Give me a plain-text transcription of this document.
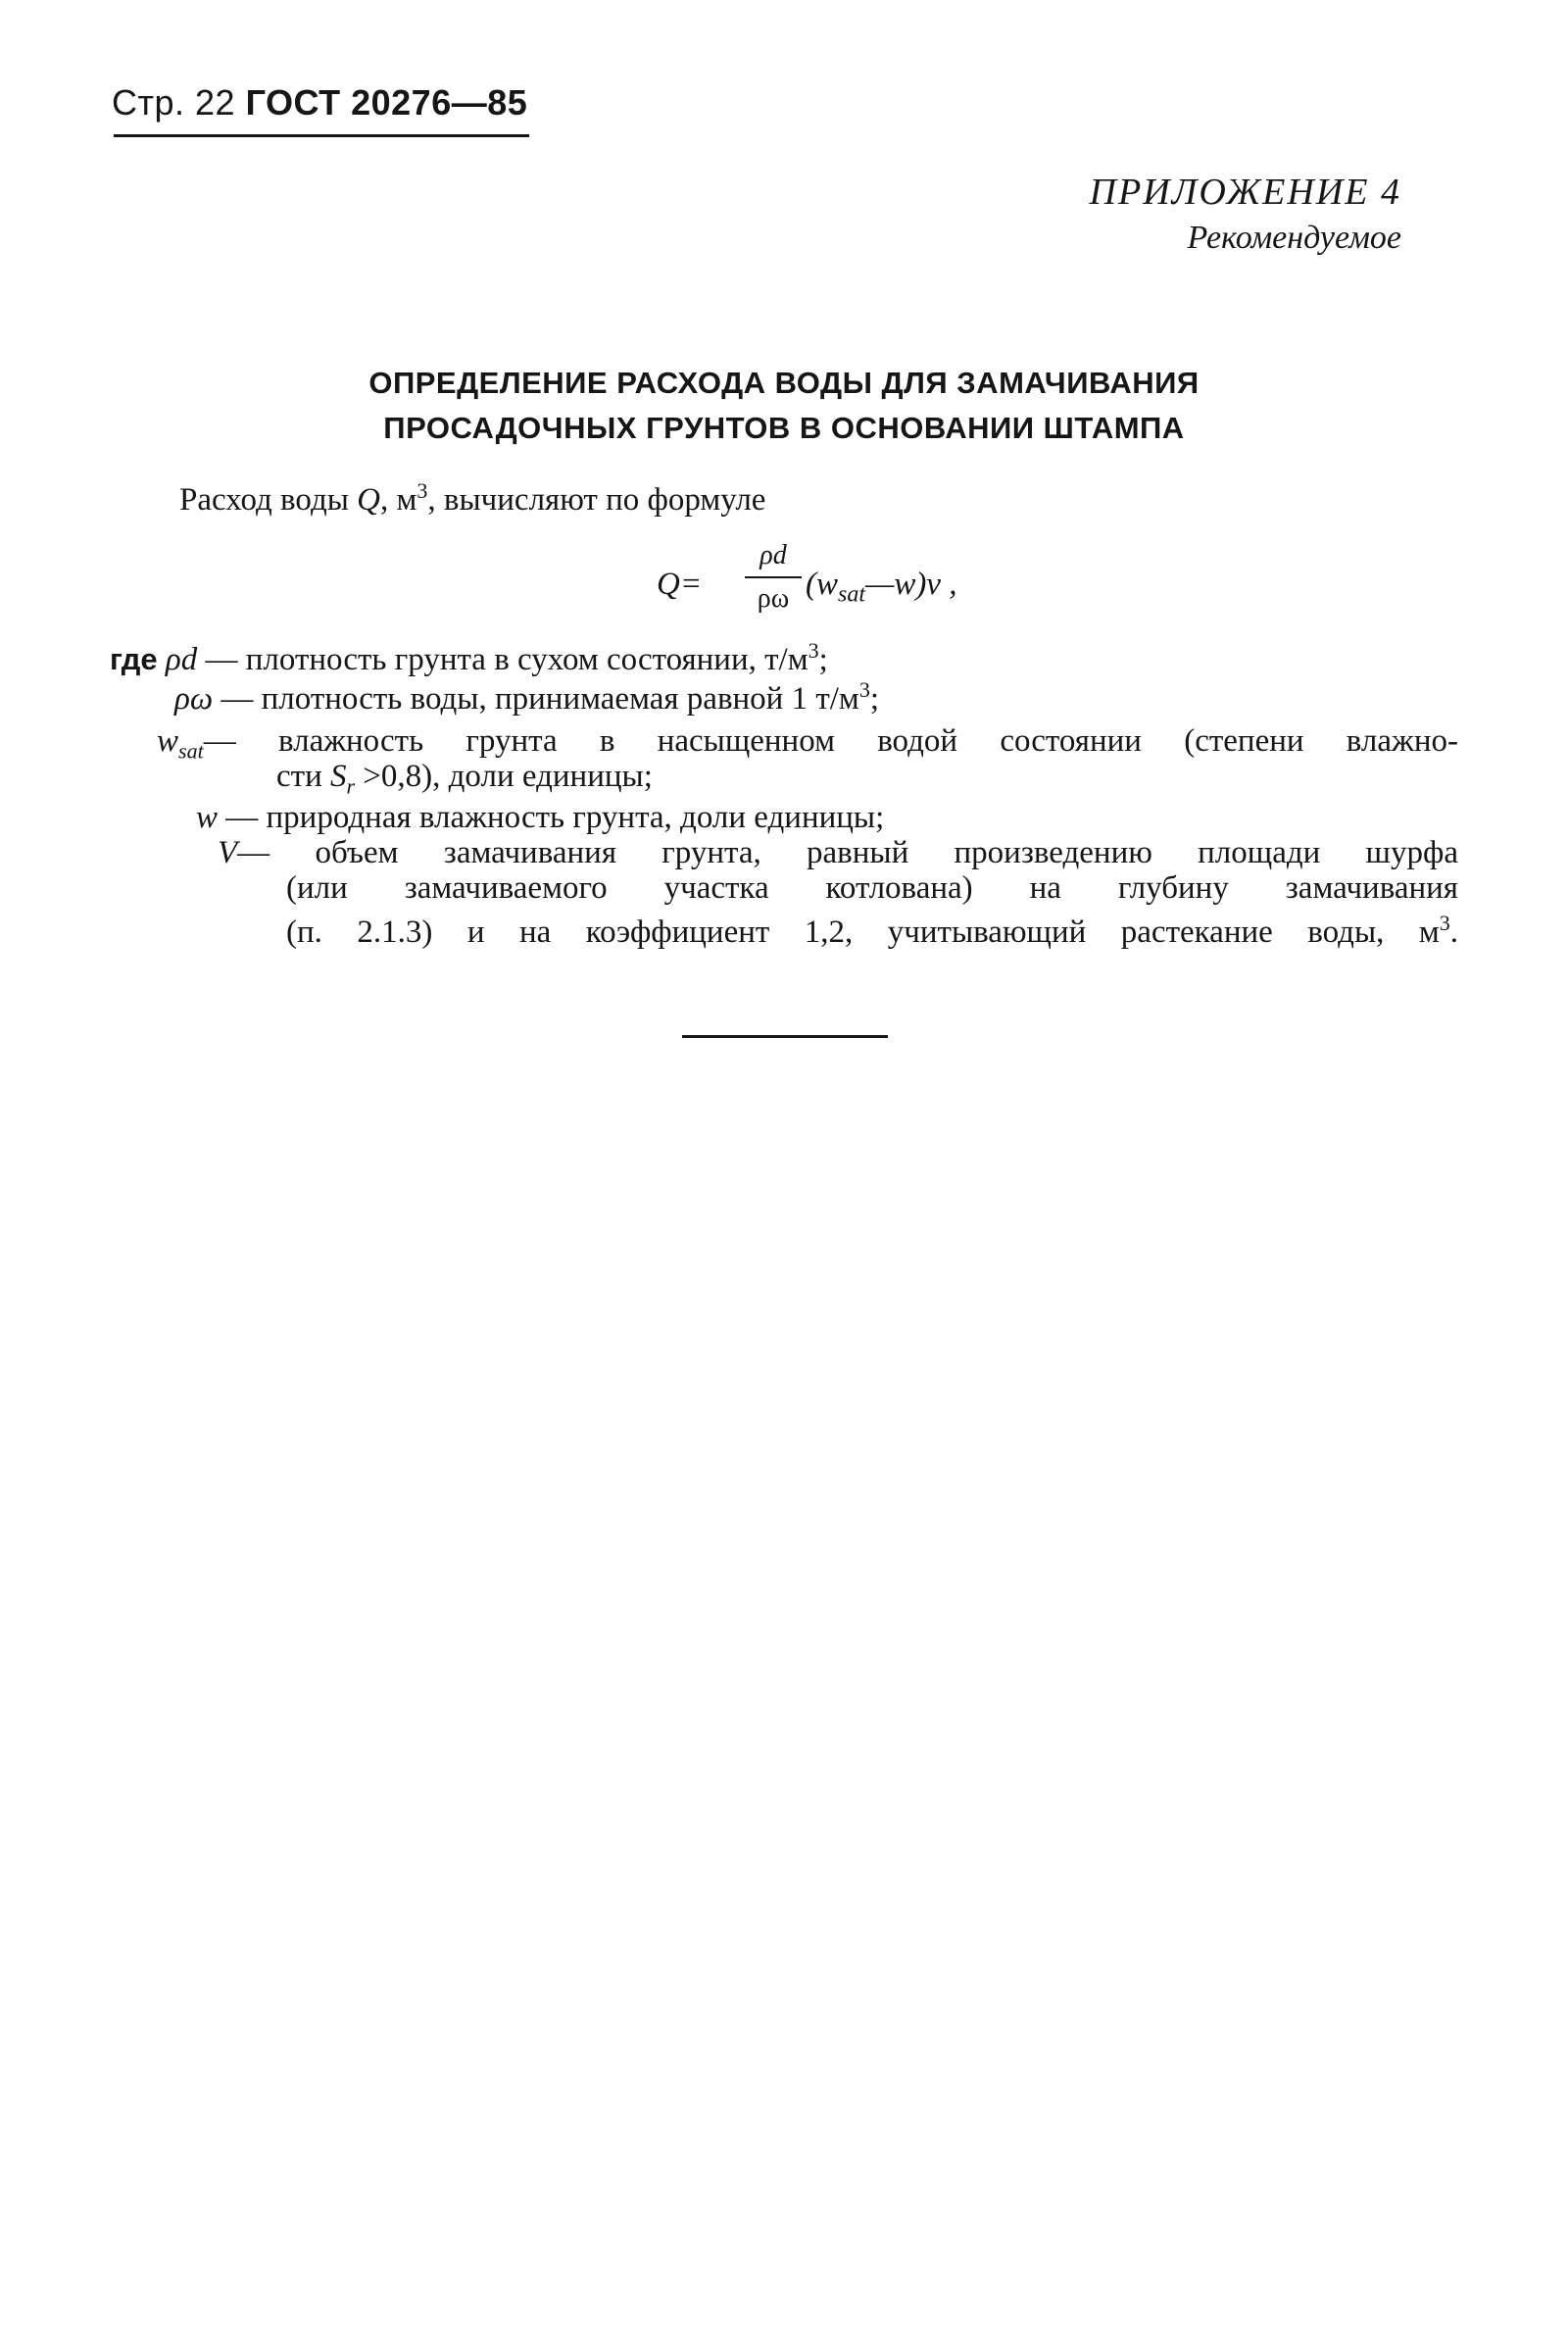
Стр. 22 ГОСТ 20276—85
ПРИЛОЖЕНИЕ 4
Рекомендуемое
ОПРЕДЕЛЕНИЕ РАСХОДА ВОДЫ ДЛЯ ЗАМАЧИВАНИЯ
ПРОСАДОЧНЫХ ГРУНТОВ В ОСНОВАНИИ ШТАМПА
Расход воды Q, $м^3$, вычисляют по формуле
Q=
ρd
ρω $(w_{sat}—w)v$ ,
где ρd — плотность грунта в сухом состоянии, $т/м^3$;
ρω — плотность воды, принимаемая равной 1 $т/м^3$;
$w_{sat}—$ влажность грунта в насыщенном водой состоянии (степени влажно-
сти $S_r >0,8$), доли единицы;
w — природная влажность грунта, доли единицы;
V— объем замачивания грунта, равный произведению площади шурфа
(или замачиваемого участка котлована) на глубину замачивания
(п. 2.1.3) и на коэффициент 1,2, учитывающий растекание воды, $м^3$.
